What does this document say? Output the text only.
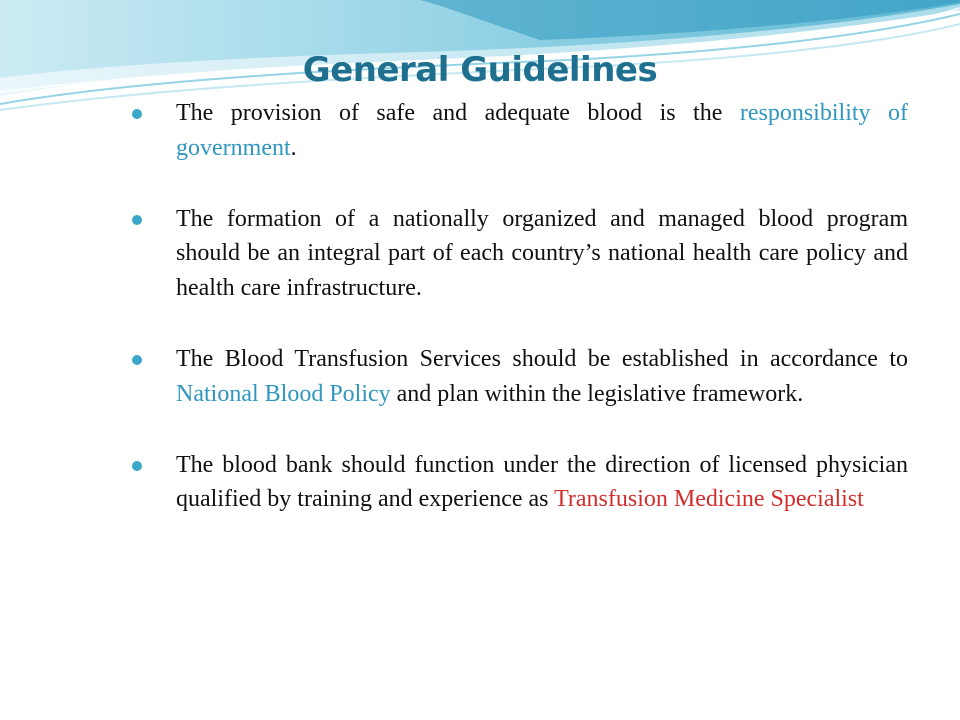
General Guidelines
The provision of safe and adequate blood is the responsibility of government.
The formation of a nationally organized and managed blood program should be an integral part of each country’s national health care policy and health care infrastructure.
The Blood Transfusion Services should be established in accordance to National Blood Policy and plan within the legislative framework.
The blood bank should function under the direction of licensed physician qualified by training and experience as Transfusion Medicine Specialist
